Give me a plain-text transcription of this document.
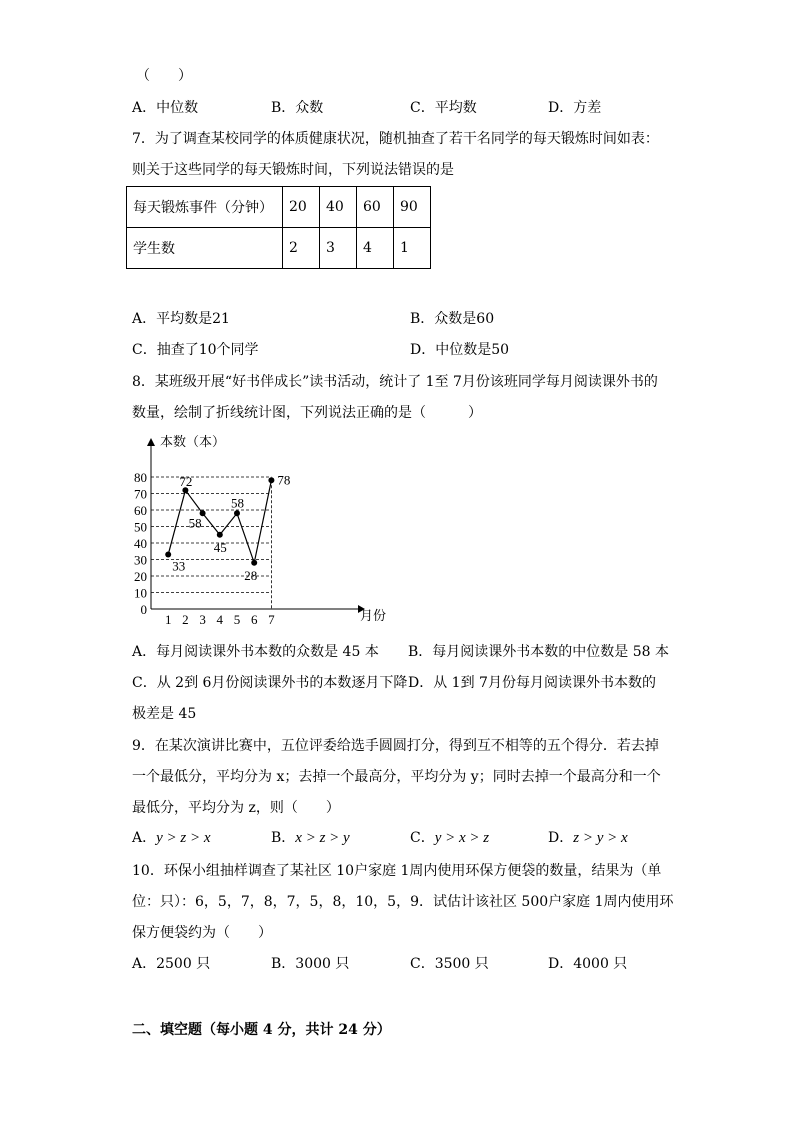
（　　）
A．中位数	B．众数	C．平均数	D．方差
7．为了调查某校同学的体质健康状况，随机抽查了若干名同学的每天锻炼时间如表：
则关于这些同学的每天锻炼时间，下列说法错误的是
每天锻炼事件（分钟）	20	40	60	90
学生数	2	3	4	1
A．平均数是21	B．众数是60
C．抽查了10个同学	D．中位数是50
8．某班级开展“好书伴成长”读书活动，统计了 1至 7月份该班同学每月阅读课外书的
数量，绘制了折线统计图，下列说法正确的是（　　　）
本数（本）
月份
0
10
20
30
40
50
60
70
80
1 2 3 4 5 6 7
33
72
58
45
58
28
78
A．每月阅读课外书本数的众数是 45 本 B．每月阅读课外书本数的中位数是 58 本
C．从 2到 6月份阅读课外书的本数逐月下降 D．从 1到 7月份每月阅读课外书本数的
极差是 45
9．在某次演讲比赛中，五位评委给选手圆圆打分，得到互不相等的五个得分．若去掉
一个最低分，平均分为 x；去掉一个最高分，平均分为 y；同时去掉一个最高分和一个
最低分，平均分为 z，则（　　）
A．y > z > x	B．x > z > y	C．y > x > z	D．z > y > x
10．环保小组抽样调查了某社区 10户家庭 1周内使用环保方便袋的数量，结果为（单
位：只）：6，5，7，8，7，5，8，10，5，9．试估计该社区 500户家庭 1周内使用环
保方便袋约为（　　）
A．2500 只	B．3000 只	C．3500 只	D．4000 只
二、填空题（每小题 4 分，共计 24 分）
